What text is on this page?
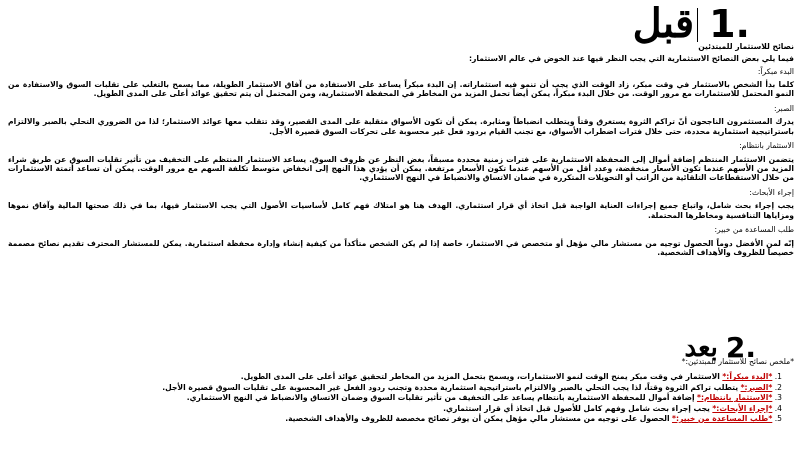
قبل 1.

نصائح للاستثمار للمبتدئين

فيما يلي بعض النصائح الاستثمارية التي يجب النظر فيها عند الخوض في عالم الاستثمار:

البدء مبكراً:

كلما بدأ الشخص بالاستثمار في وقت مبكر، زاد الوقت الذي يجب أن تنمو فيه استثماراته. إن البدء مبكراً يساعد على الاستفادة من آفاق الاستثمار الطويلة، مما يسمح بالتغلب على تقلبات السوق والاستفادة من النمو المحتمل للاستثمارات مع مرور الوقت. من خلال البدء مبكراً، يمكن أيضاً تحمل المزيد من المخاطر في المحفظة الاستثمارية، ومن المحتمل أن يتم تحقيق عوائد أعلى على المدى الطويل.

الصبر:

يدرك المستثمرون الناجحون أنّ تراكم الثروة يستغرق وقتاً ويتطلب انضباطاً ومثابرة. يمكن أن تكون الأسواق متقلبة على المدى القصير، وقد تتقلب معها عوائد الاستثمار؛ لذا من الضروري التحلي بالصبر والالتزام باستراتيجية استثمارية محددة، حتى خلال فترات اضطراب الأسواق، مع تجنب القيام بردود فعل غير محسوبة على تحركات السوق قصيرة الأجل.

الاستثمار بانتظام:

يتضمن الاستثمار المنتظم إضافة أموال إلى المحفظة الاستثمارية على فترات زمنية محددة مسبقاً، بغض النظر عن ظروف السوق. يساعد الاستثمار المنتظم على التخفيف من تأثير تقلبات السوق عن طريق شراء المزيد من الأسهم عندما تكون الأسعار منخفضة، وعدد أقل من الأسهم عندما تكون الأسعار مرتفعة. يمكن أن يؤدي هذا النهج إلى انخفاض متوسط تكلفة السهم مع مرور الوقت. يمكن أن تساعد أتمتة الاستثمارات من خلال الاستقطاعات التلقائية من الراتب أو التحويلات المتكررة في ضمان الاتساق والانضباط في النهج الاستثماري.

إجراء الأبحاث:

يجب إجراء بحث شامل، واتباع جميع إجراءات العناية الواجبة قبل اتخاذ أي قرار استثماري. الهدف هنا هو امتلاك فهم كامل لأساسيات الأصول التي يجب الاستثمار فيها، بما في ذلك صحتها المالية وآفاق نموها ومزاياها التنافسية ومخاطرها المحتملة.

طلب المساعدة من خبير:

إنّه لمن الأفضل دوماً الحصول توجيه من مستشار مالي مؤهل أو متخصص في الاستثمار، خاصة إذا لم يكن الشخص متأكداً من كيفية إنشاء وإدارة محفظة استثمارية. يمكن للمستشار المحترف تقديم نصائح مصممة خصيصاً للظروف والأهداف الشخصية.

بعد 2.

*ملخص نصائح للاستثمار للمبتدئين:*

1. *البدء مبكراً:* الاستثمار في وقت مبكر يمنح الوقت لنمو الاستثمارات، ويسمح بتحمل المزيد من المخاطر لتحقيق عوائد أعلى على المدى الطويل.
2. *الصبر:* يتطلب تراكم الثروة وقتاً، لذا يجب التحلي بالصبر والالتزام باستراتيجية استثمارية محددة وتجنب ردود الفعل غير المحسوبة على تقلبات السوق قصيرة الأجل.
3. *الاستثمار بانتظام:* إضافة أموال للمحفظة الاستثمارية بانتظام يساعد على التخفيف من تأثير تقلبات السوق وضمان الاتساق والانضباط في النهج الاستثماري.
4. *إجراء الأبحاث:* يجب إجراء بحث شامل وفهم كامل للأصول قبل اتخاذ أي قرار استثماري.
5. *طلب المساعدة من خبير:* الحصول على توجيه من مستشار مالي مؤهل يمكن أن يوفر نصائح مخصصة للظروف والأهداف الشخصية.
